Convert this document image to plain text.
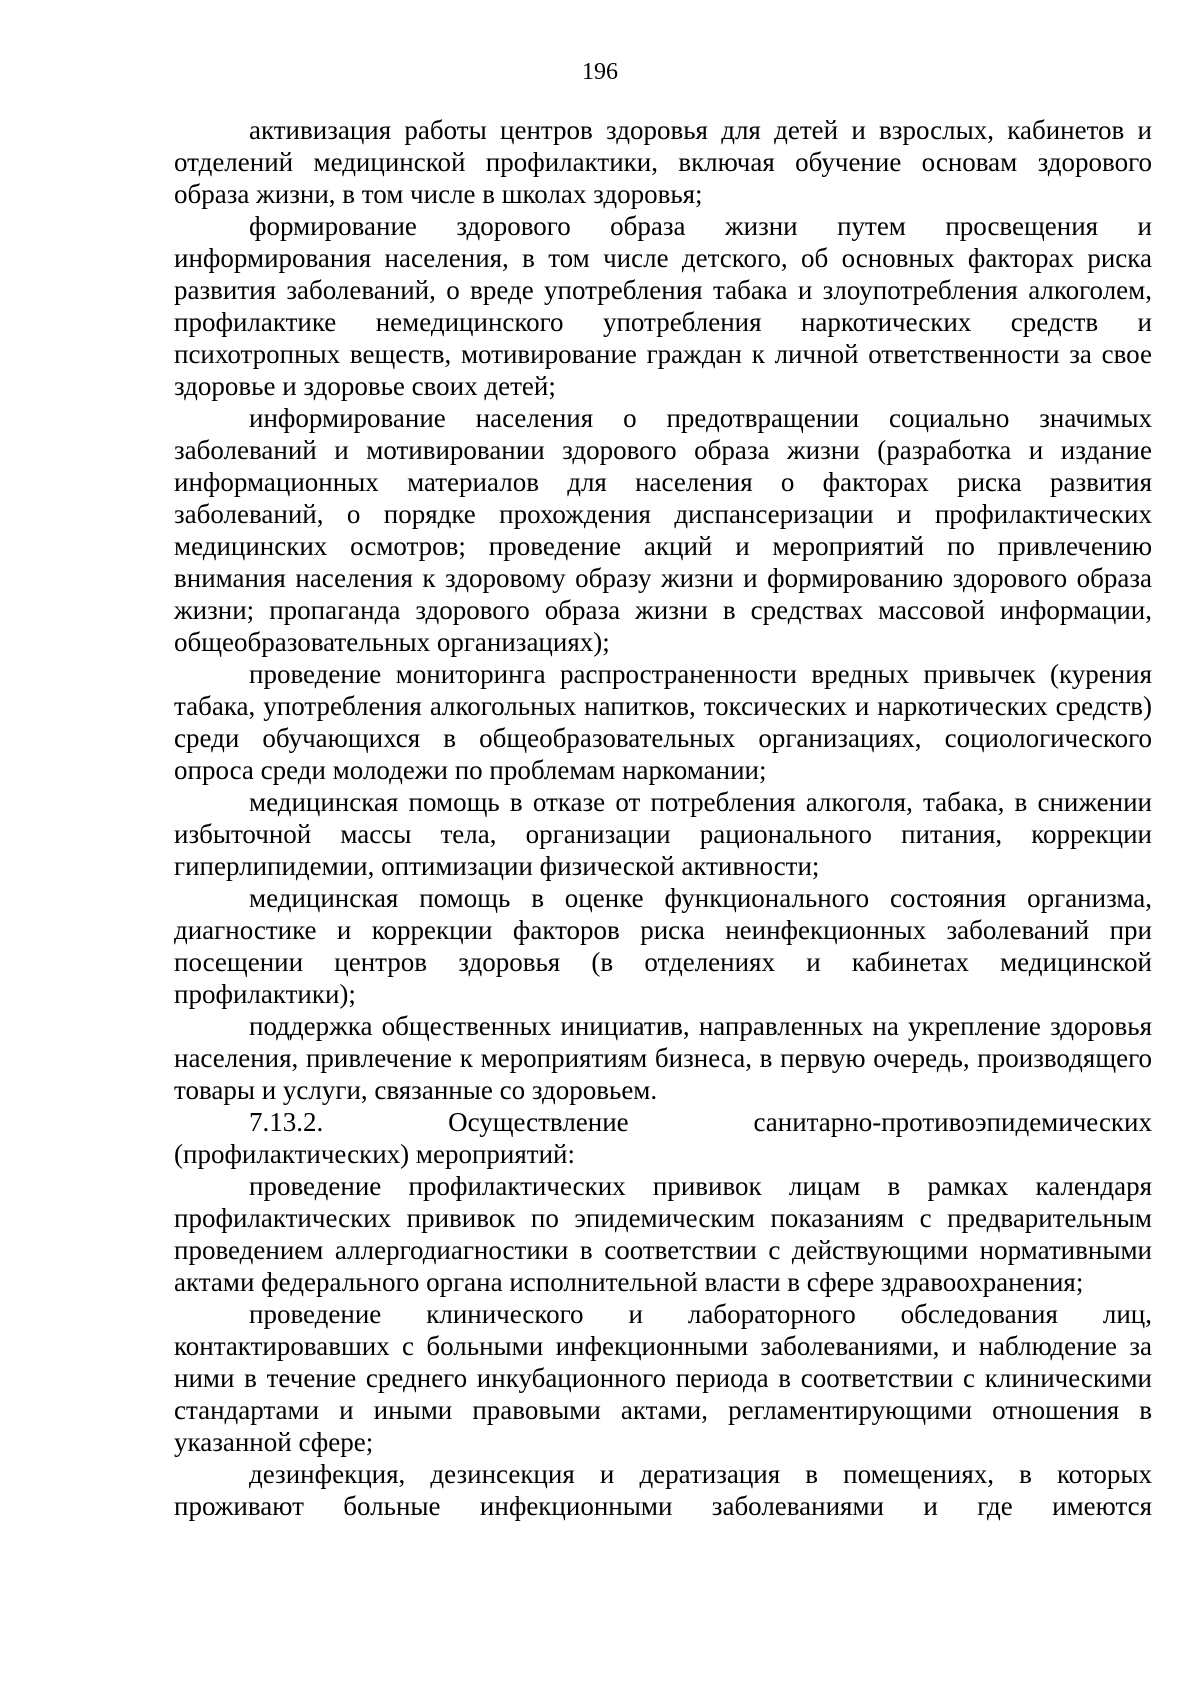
196

активизация работы центров здоровья для детей и взрослых, кабинетов и отделений медицинской профилактики, включая обучение основам здорового образа жизни, в том числе в школах здоровья;

формирование здорового образа жизни путем просвещения и информирования населения, в том числе детского, об основных факторах риска развития заболеваний, о вреде употребления табака и злоупотребления алкоголем, профилактике немедицинского употребления наркотических средств и психотропных веществ, мотивирование граждан к личной ответственности за свое здоровье и здоровье своих детей;

информирование населения о предотвращении социально значимых заболеваний и мотивировании здорового образа жизни (разработка и издание информационных материалов для населения о факторах риска развития заболеваний, о порядке прохождения диспансеризации и профилактических медицинских осмотров; проведение акций и мероприятий по привлечению внимания населения к здоровому образу жизни и формированию здорового образа жизни; пропаганда здорового образа жизни в средствах массовой информации, общеобразовательных организациях);

проведение мониторинга распространенности вредных привычек (курения табака, употребления алкогольных напитков, токсических и наркотических средств) среди обучающихся в общеобразовательных организациях, социологического опроса среди молодежи по проблемам наркомании;

медицинская помощь в отказе от потребления алкоголя, табака, в снижении избыточной массы тела, организации рационального питания, коррекции гиперлипидемии, оптимизации физической активности;

медицинская помощь в оценке функционального состояния организма, диагностике и коррекции факторов риска неинфекционных заболеваний при посещении центров здоровья (в отделениях и кабинетах медицинской профилактики);

поддержка общественных инициатив, направленных на укрепление здоровья населения, привлечение к мероприятиям бизнеса, в первую очередь, производящего товары и услуги, связанные со здоровьем.

7.13.2. Осуществление санитарно-противоэпидемических (профилактических) мероприятий:

проведение профилактических прививок лицам в рамках календаря профилактических прививок по эпидемическим показаниям с предварительным проведением аллергодиагностики в соответствии с действующими нормативными актами федерального органа исполнительной власти в сфере здравоохранения;

проведение клинического и лабораторного обследования лиц, контактировавших с больными инфекционными заболеваниями, и наблюдение за ними в течение среднего инкубационного периода в соответствии с клиническими стандартами и иными правовыми актами, регламентирующими отношения в указанной сфере;

дезинфекция, дезинсекция и дератизация в помещениях, в которых проживают больные инфекционными заболеваниями и где имеются
